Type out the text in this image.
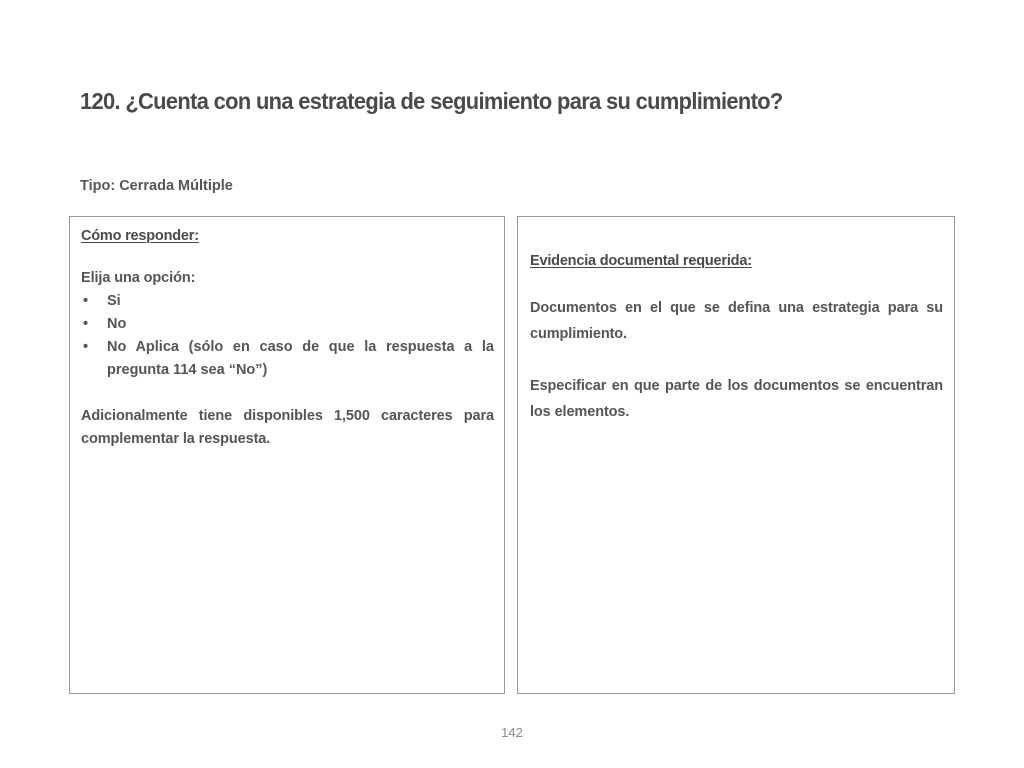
120. ¿Cuenta con una estrategia de seguimiento para su cumplimiento?
Tipo: Cerrada Múltiple
Cómo responder:
Elija una opción:
• Si
• No
• No Aplica (sólo en caso de que la respuesta a la pregunta 114 sea “No”)
Adicionalmente tiene disponibles 1,500 caracteres para complementar la respuesta.
Evidencia documental requerida:
Documentos en el que se defina una estrategia para su cumplimiento.
Especificar en que parte de los documentos se encuentran los elementos.
142
